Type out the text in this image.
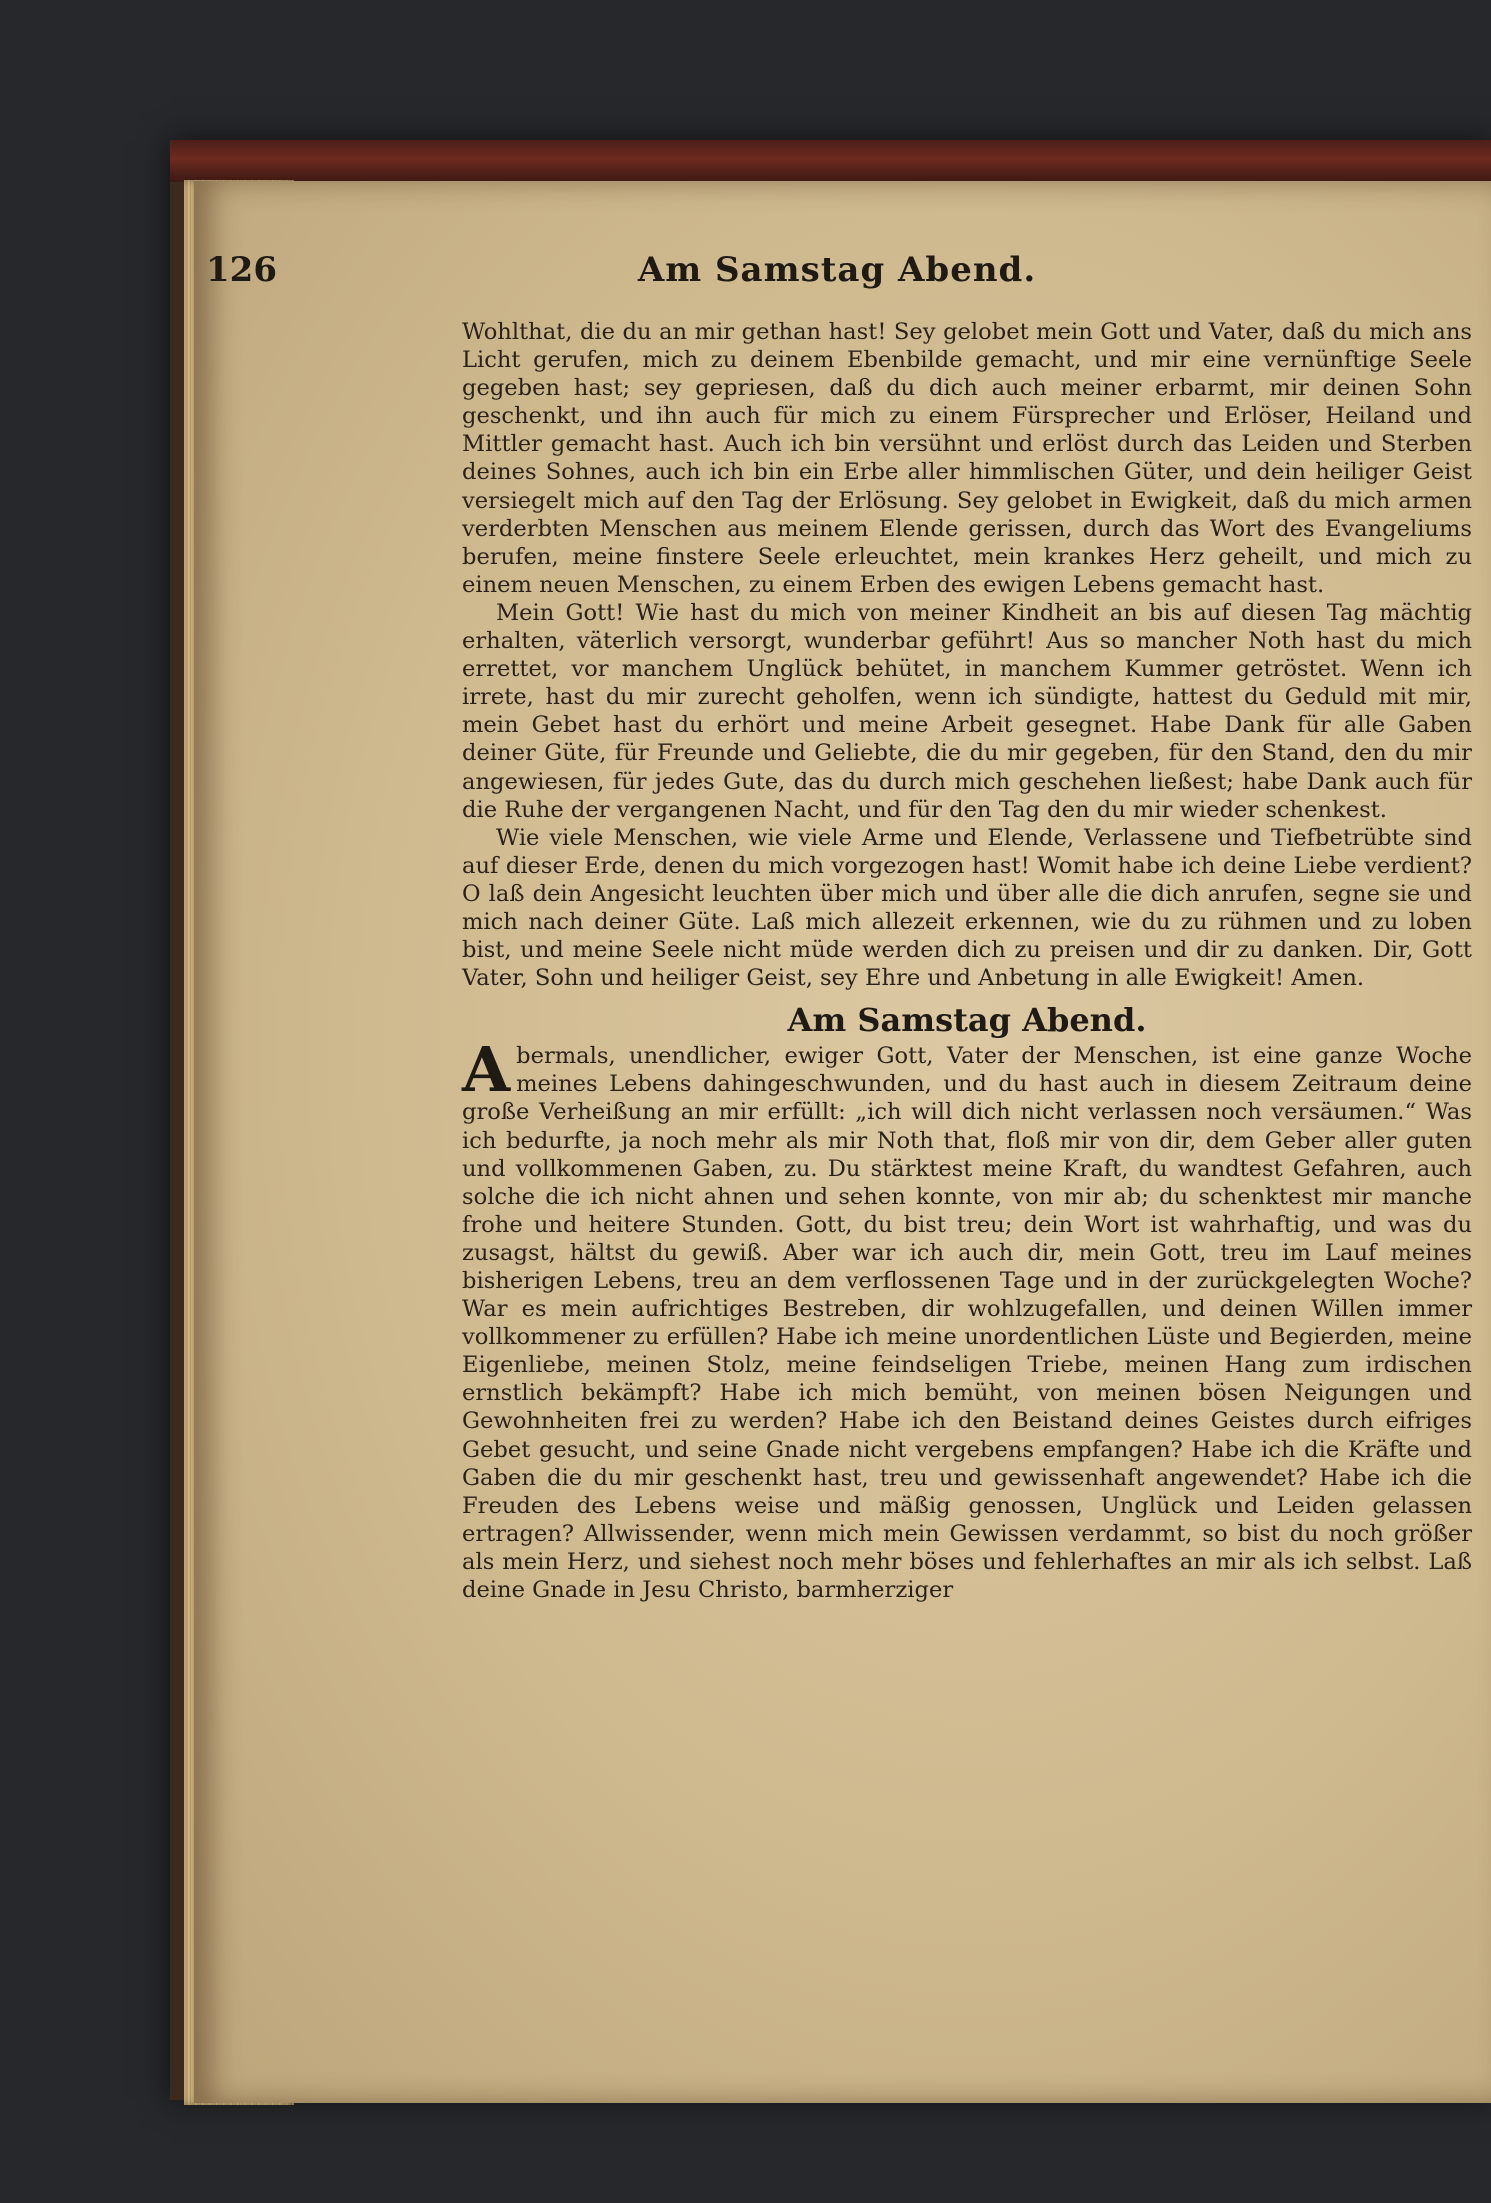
126	Am Samstag Abend.

Wohlthat, die du an mir gethan hast! Sey gelobet mein Gott und Vater, daß du mich ans Licht gerufen, mich zu deinem Ebenbilde gemacht, und mir eine vernünftige Seele gegeben hast; sey gepriesen, daß du dich auch meiner erbarmt, mir deinen Sohn geschenkt, und ihn auch für mich zu einem Fürsprecher und Erlöser, Heiland und Mittler gemacht hast. Auch ich bin versühnt und erlöst durch das Leiden und Sterben deines Sohnes, auch ich bin ein Erbe aller himmlischen Güter, und dein heiliger Geist versiegelt mich auf den Tag der Erlösung. Sey gelobet in Ewigkeit, daß du mich armen verderbten Menschen aus meinem Elende gerissen, durch das Wort des Evangeliums berufen, meine finstere Seele erleuchtet, mein krankes Herz geheilt, und mich zu einem neuen Menschen, zu einem Erben des ewigen Lebens gemacht hast.

Mein Gott! Wie hast du mich von meiner Kindheit an bis auf diesen Tag mächtig erhalten, väterlich versorgt, wunderbar geführt! Aus so mancher Noth hast du mich errettet, vor manchem Unglück behütet, in manchem Kummer getröstet. Wenn ich irrete, hast du mir zurecht geholfen, wenn ich sündigte, hattest du Geduld mit mir, mein Gebet hast du erhört und meine Arbeit gesegnet. Habe Dank für alle Gaben deiner Güte, für Freunde und Geliebte, die du mir gegeben, für den Stand, den du mir angewiesen, für jedes Gute, das du durch mich geschehen ließest; habe Dank auch für die Ruhe der vergangenen Nacht, und für den Tag den du mir wieder schenkest.

Wie viele Menschen, wie viele Arme und Elende, Verlassene und Tiefbetrübte sind auf dieser Erde, denen du mich vorgezogen hast! Womit habe ich deine Liebe verdient? O laß dein Angesicht leuchten über mich und über alle die dich anrufen, segne sie und mich nach deiner Güte. Laß mich allezeit erkennen, wie du zu rühmen und zu loben bist, und meine Seele nicht müde werden dich zu preisen und dir zu danken. Dir, Gott Vater, Sohn und heiliger Geist, sey Ehre und Anbetung in alle Ewigkeit! Amen.

Am Samstag Abend.

Abermals, unendlicher, ewiger Gott, Vater der Menschen, ist eine ganze Woche meines Lebens dahingeschwunden, und du hast auch in diesem Zeitraum deine große Verheißung an mir erfüllt: „ich will dich nicht verlassen noch versäumen.“ Was ich bedurfte, ja noch mehr als mir Noth that, floß mir von dir, dem Geber aller guten und vollkommenen Gaben, zu. Du stärktest meine Kraft, du wandtest Gefahren, auch solche die ich nicht ahnen und sehen konnte, von mir ab; du schenktest mir manche frohe und heitere Stunden. Gott, du bist treu; dein Wort ist wahrhaftig, und was du zusagst, hältst du gewiß. Aber war ich auch dir, mein Gott, treu im Lauf meines bisherigen Lebens, treu an dem verflossenen Tage und in der zurückgelegten Woche? War es mein aufrichtiges Bestreben, dir wohlzugefallen, und deinen Willen immer vollkommener zu erfüllen? Habe ich meine unordentlichen Lüste und Begierden, meine Eigenliebe, meinen Stolz, meine feindseligen Triebe, meinen Hang zum irdischen ernstlich bekämpft? Habe ich mich bemüht, von meinen bösen Neigungen und Gewohnheiten frei zu werden? Habe ich den Beistand deines Geistes durch eifriges Gebet gesucht, und seine Gnade nicht vergebens empfangen? Habe ich die Kräfte und Gaben die du mir geschenkt hast, treu und gewissenhaft angewendet? Habe ich die Freuden des Lebens weise und mäßig genossen, Unglück und Leiden gelassen ertragen? Allwissender, wenn mich mein Gewissen verdammt, so bist du noch größer als mein Herz, und siehest noch mehr böses und fehlerhaftes an mir als ich selbst. Laß deine Gnade in Jesu Christo, barmherziger
